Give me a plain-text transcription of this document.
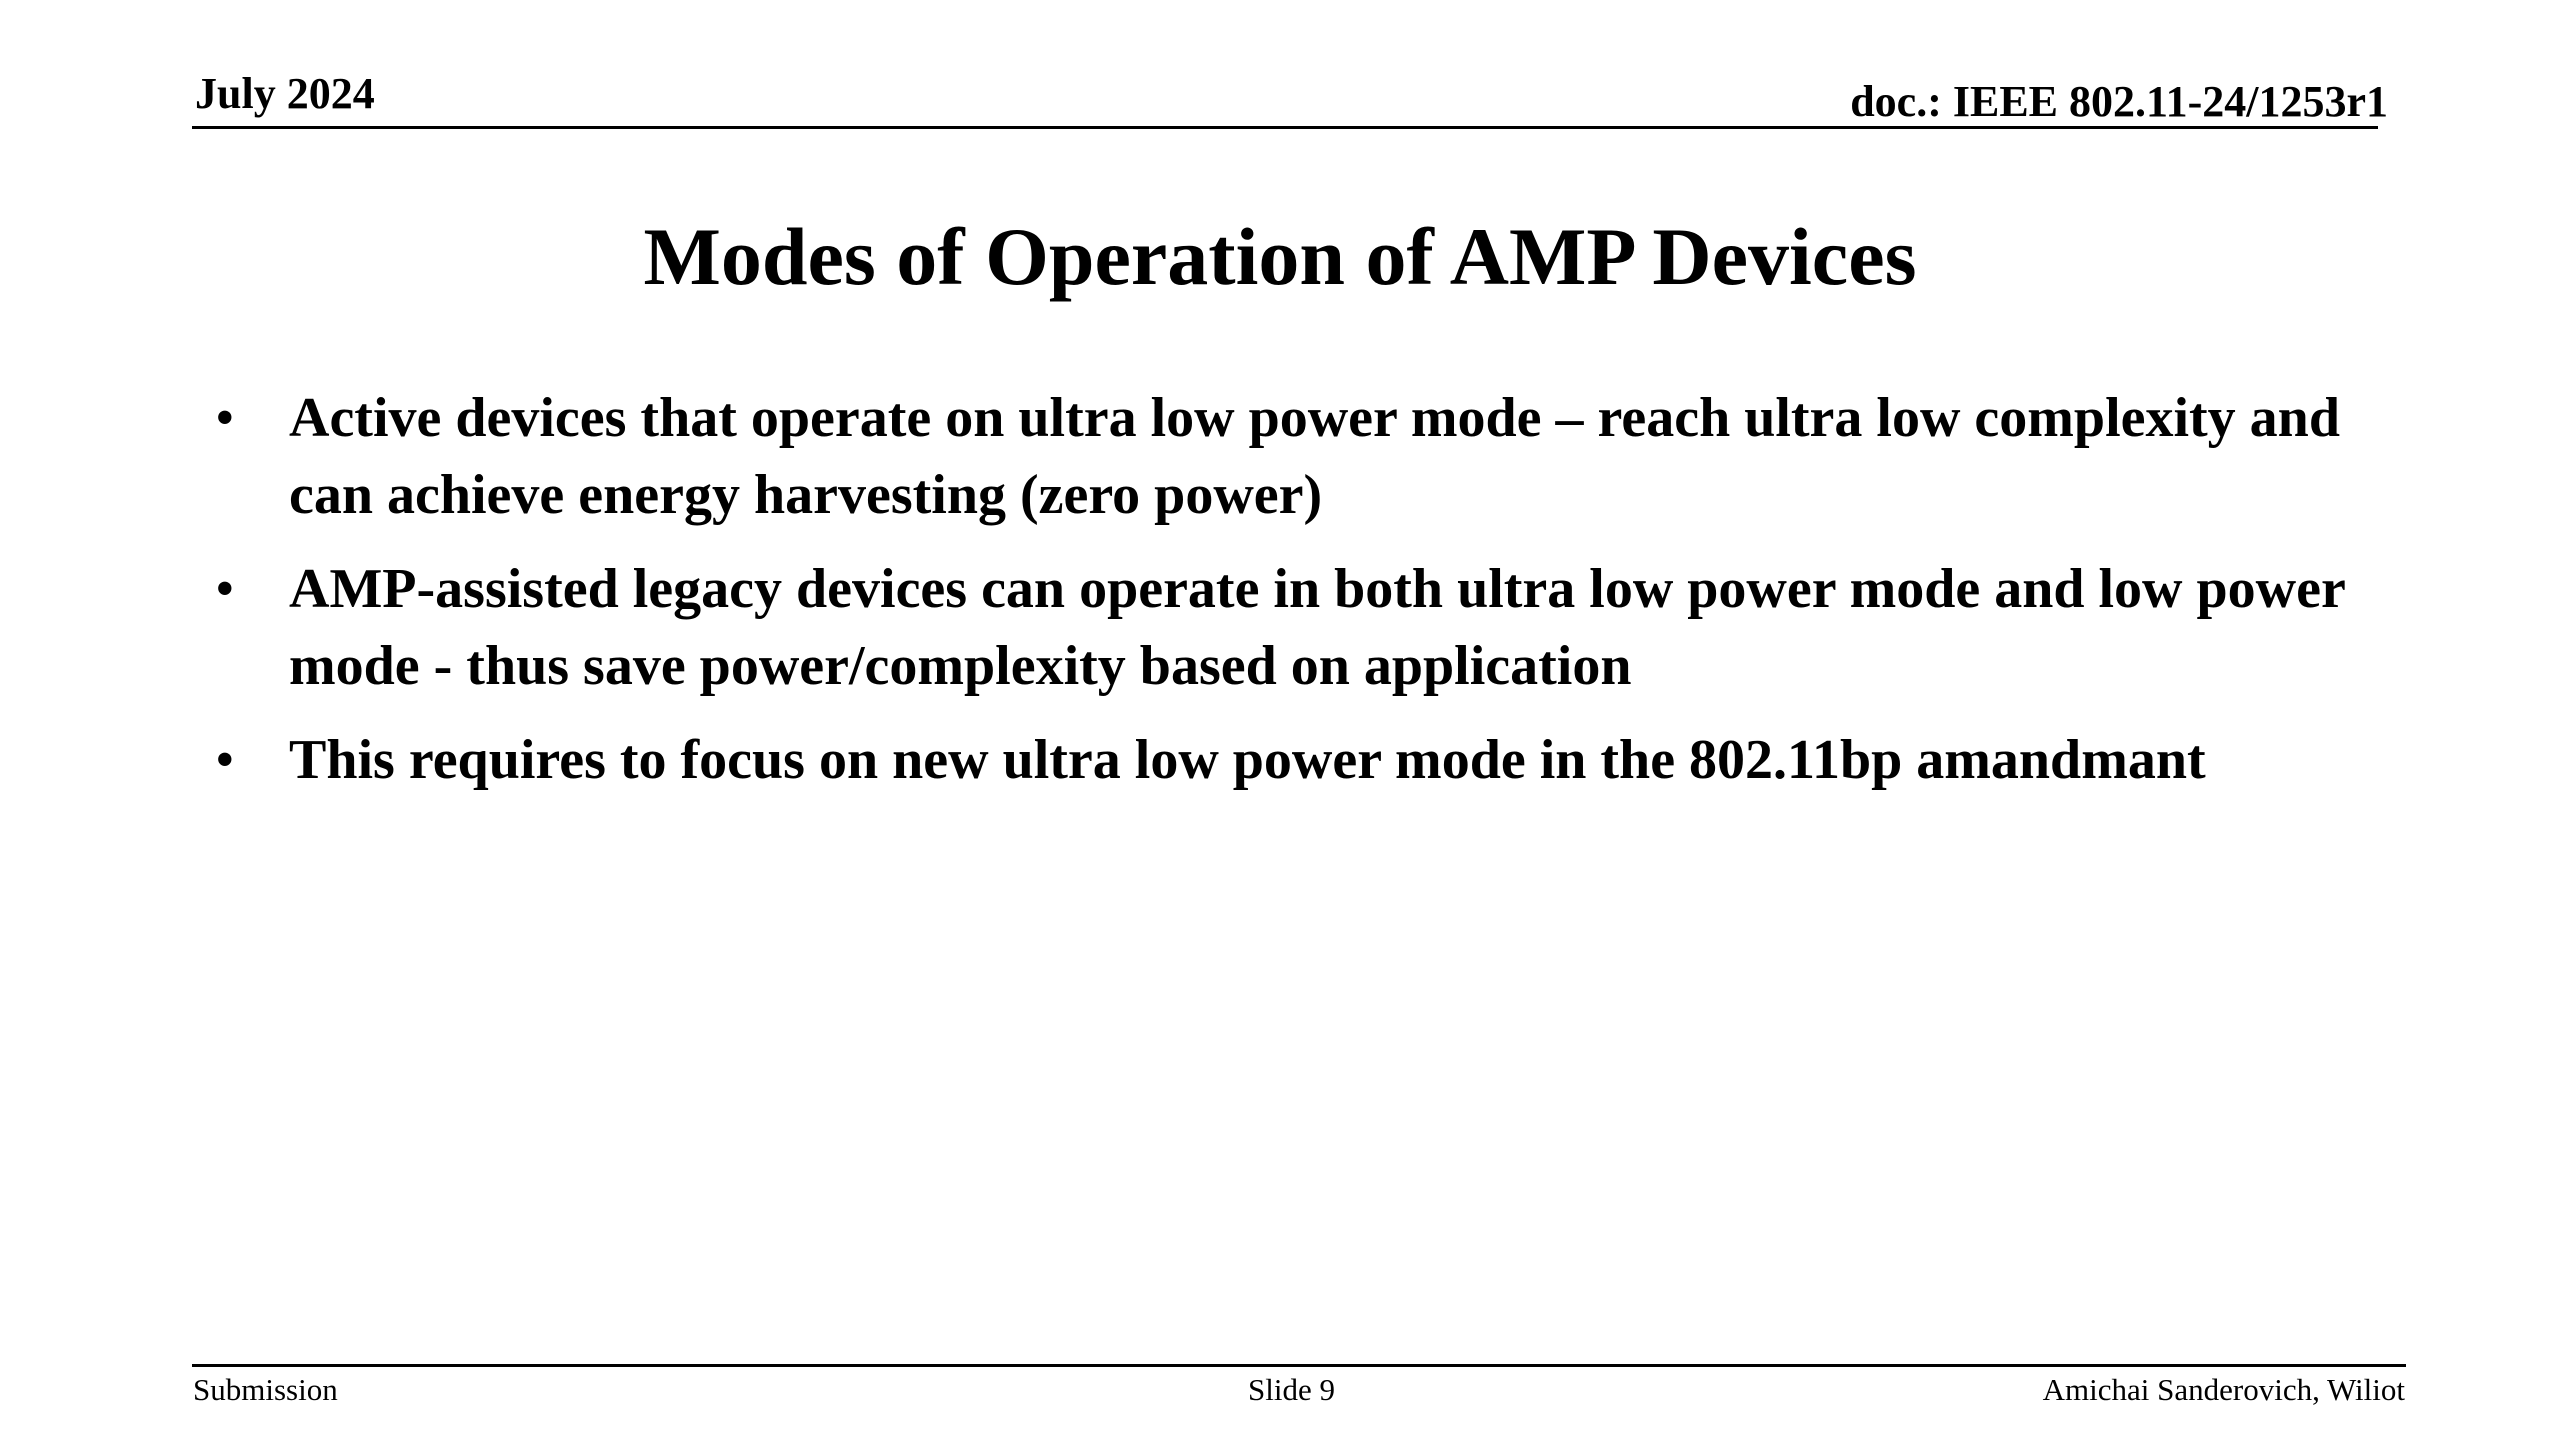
July 2024	doc.: IEEE 802.11-24/1253r1
Modes of Operation of AMP Devices
• Active devices that operate on ultra low power mode – reach ultra low complexity and can achieve energy harvesting (zero power)
• AMP-assisted legacy devices can operate in both ultra low power mode and low power mode - thus save power/complexity based on application
• This requires to focus on new ultra low power mode in the 802.11bp amandmant
Submission	Slide 9	Amichai Sanderovich, Wiliot
